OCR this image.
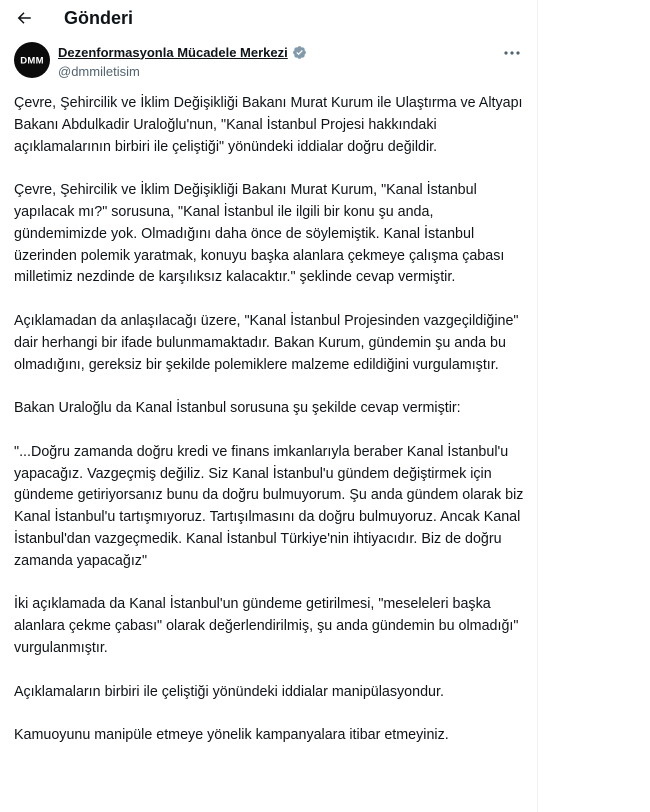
Gönderi
DMM
Dezenformasyonla Mücadele Merkezi
@dmmiletisim

Çevre, Şehircilik ve İklim Değişikliği Bakanı Murat Kurum ile Ulaştırma ve Altyapı Bakanı Abdulkadir Uraloğlu'nun, "Kanal İstanbul Projesi hakkındaki açıklamalarının birbiri ile çeliştiği" yönündeki iddialar doğru değildir.

Çevre, Şehircilik ve İklim Değişikliği Bakanı Murat Kurum, "Kanal İstanbul yapılacak mı?" sorusuna, "Kanal İstanbul ile ilgili bir konu şu anda, gündemimizde yok. Olmadığını daha önce de söylemiştik. Kanal İstanbul üzerinden polemik yaratmak, konuyu başka alanlara çekmeye çalışma çabası milletimiz nezdinde de karşılıksız kalacaktır." şeklinde cevap vermiştir.

Açıklamadan da anlaşılacağı üzere, "Kanal İstanbul Projesinden vazgeçildiğine" dair herhangi bir ifade bulunmamaktadır. Bakan Kurum, gündemin şu anda bu olmadığını, gereksiz bir şekilde polemiklere malzeme edildiğini vurgulamıştır.

Bakan Uraloğlu da Kanal İstanbul sorusuna şu şekilde cevap vermiştir:

"...Doğru zamanda doğru kredi ve finans imkanlarıyla beraber Kanal İstanbul'u yapacağız. Vazgeçmiş değiliz. Siz Kanal İstanbul'u gündem değiştirmek için gündeme getiriyorsanız bunu da doğru bulmuyorum. Şu anda gündem olarak biz Kanal İstanbul'u tartışmıyoruz. Tartışılmasını da doğru bulmuyoruz. Ancak Kanal İstanbul'dan vazgeçmedik. Kanal İstanbul Türkiye'nin ihtiyacıdır. Biz de doğru zamanda yapacağız"

İki açıklamada da Kanal İstanbul'un gündeme getirilmesi, "meseleleri başka alanlara çekme çabası" olarak değerlendirilmiş, şu anda gündemin bu olmadığı" vurgulanmıştır.

Açıklamaların birbiri ile çeliştiği yönündeki iddialar manipülasyondur.

Kamuoyunu manipüle etmeye yönelik kampanyalara itibar etmeyiniz.
